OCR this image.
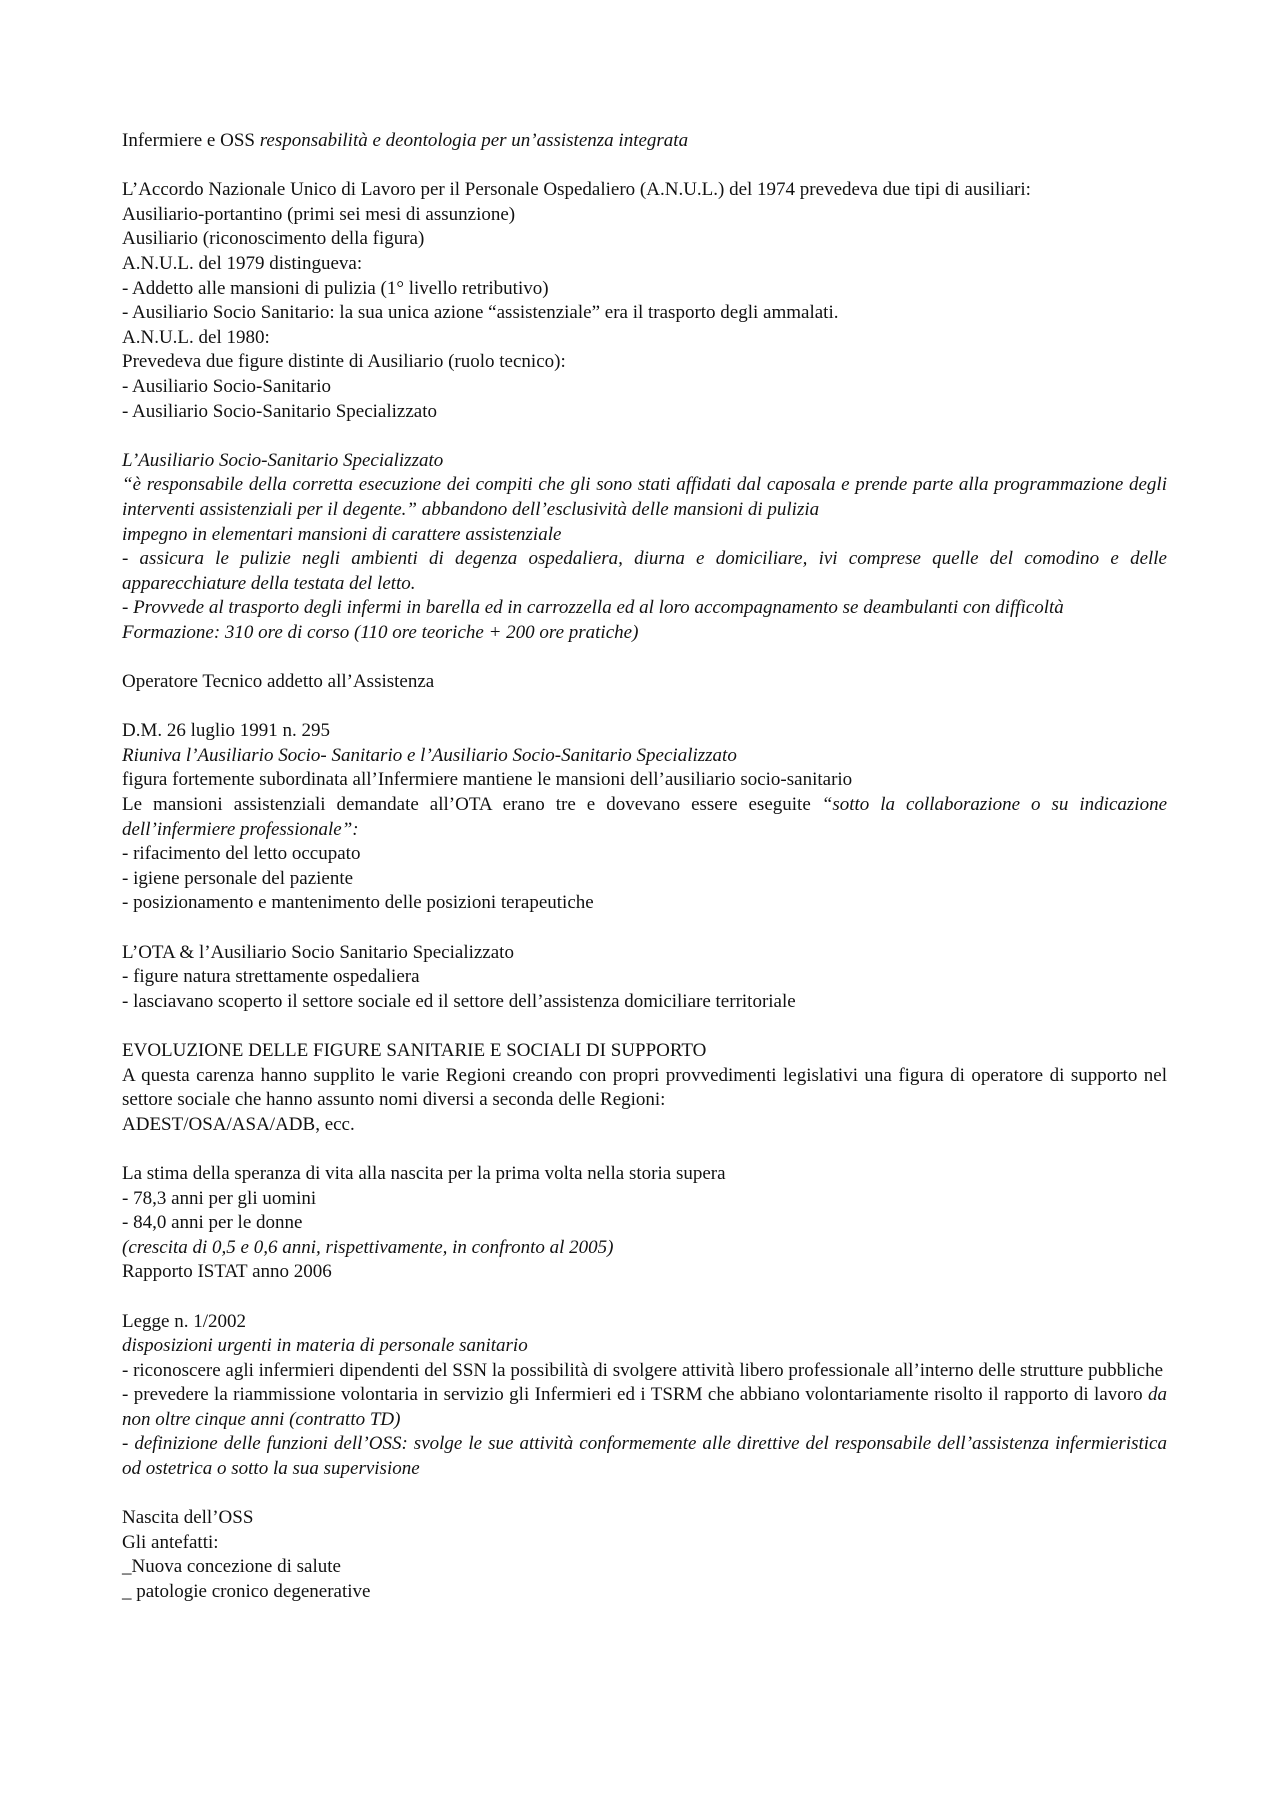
Infermiere e OSS responsabilità e deontologia per un’assistenza integrata

L’Accordo Nazionale Unico di Lavoro per il Personale Ospedaliero (A.N.U.L.) del 1974 prevedeva due tipi di ausiliari:

Ausiliario-portantino (primi sei mesi di assunzione)

Ausiliario (riconoscimento della figura)

A.N.U.L. del 1979 distingueva:

- Addetto alle mansioni di pulizia (1° livello retributivo)

- Ausiliario Socio Sanitario: la sua unica azione “assistenziale” era il trasporto degli ammalati.

A.N.U.L. del 1980:

Prevedeva due figure distinte di Ausiliario (ruolo tecnico):

- Ausiliario Socio-Sanitario

- Ausiliario Socio-Sanitario Specializzato

L’Ausiliario Socio-Sanitario Specializzato

“è responsabile della corretta esecuzione dei compiti che gli sono stati affidati dal caposala e prende parte alla programmazione degli interventi assistenziali per il degente.” abbandono dell’esclusività delle mansioni di pulizia

impegno in elementari mansioni di carattere assistenziale

- assicura le pulizie negli ambienti di degenza ospedaliera, diurna e domiciliare, ivi comprese quelle del comodino e delle apparecchiature della testata del letto.

- Provvede al trasporto degli infermi in barella ed in carrozzella ed al loro accompagnamento se deambulanti con difficoltà

Formazione: 310 ore di corso (110 ore teoriche + 200 ore pratiche)

Operatore Tecnico addetto all’Assistenza

D.M. 26 luglio 1991 n. 295

Riuniva l’Ausiliario Socio- Sanitario e l’Ausiliario Socio-Sanitario Specializzato

figura fortemente subordinata all’Infermiere mantiene le mansioni dell’ausiliario socio-sanitario

Le mansioni assistenziali demandate all’OTA erano tre e dovevano essere eseguite “sotto la collaborazione o su indicazione dell’infermiere professionale”:

- rifacimento del letto occupato

- igiene personale del paziente

- posizionamento e mantenimento delle posizioni terapeutiche

L’OTA & l’Ausiliario Socio Sanitario Specializzato

- figure natura strettamente ospedaliera

- lasciavano scoperto il settore sociale ed il settore dell’assistenza domiciliare territoriale

EVOLUZIONE DELLE FIGURE SANITARIE E SOCIALI DI SUPPORTO

A questa carenza hanno supplito le varie Regioni creando con propri provvedimenti legislativi una figura di operatore di supporto nel settore sociale che hanno assunto nomi diversi a seconda delle Regioni:

ADEST/OSA/ASA/ADB, ecc.

La stima della speranza di vita alla nascita per la prima volta nella storia supera

- 78,3 anni per gli uomini

- 84,0 anni per le donne

(crescita di 0,5 e 0,6 anni, rispettivamente, in confronto al 2005)

Rapporto ISTAT anno 2006

Legge n. 1/2002

disposizioni urgenti in materia di personale sanitario

- riconoscere agli infermieri dipendenti del SSN la possibilità di svolgere attività libero professionale all’interno delle strutture pubbliche

- prevedere la riammissione volontaria in servizio gli Infermieri ed i TSRM che abbiano volontariamente risolto il rapporto di lavoro da non oltre cinque anni (contratto TD)

- definizione delle funzioni dell’OSS: svolge le sue attività conformemente alle direttive del responsabile dell’assistenza infermieristica od ostetrica o sotto la sua supervisione

Nascita dell’OSS

Gli antefatti:

_Nuova concezione di salute

_ patologie cronico degenerative
